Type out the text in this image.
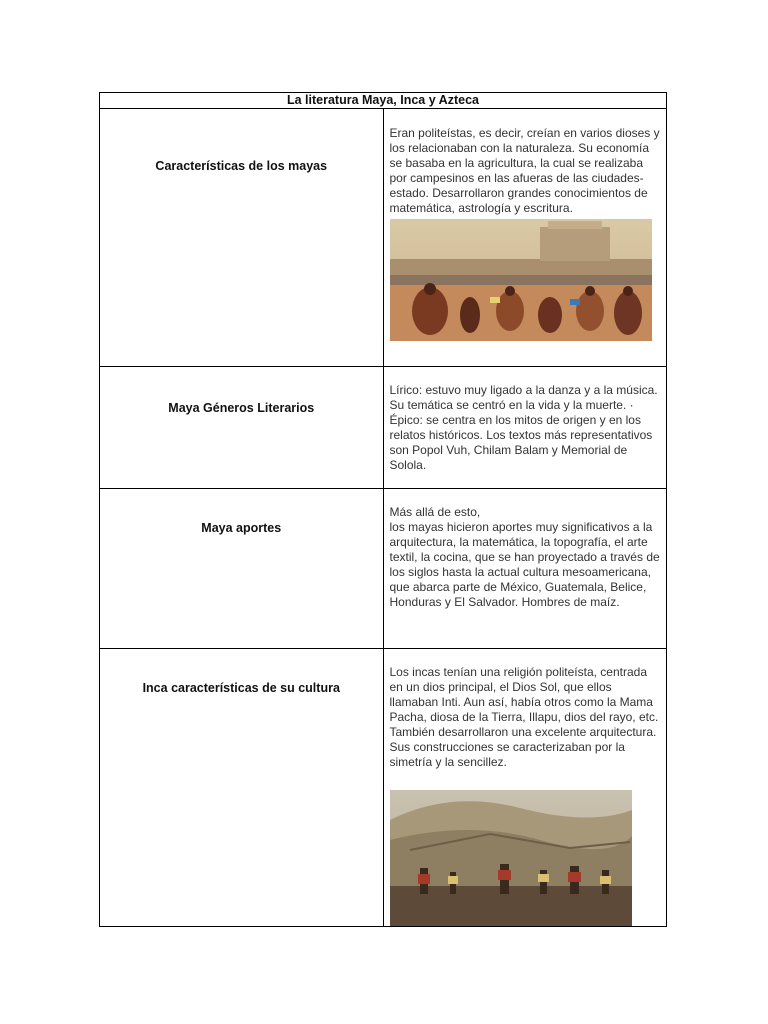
La literatura Maya, Inca y Azteca	

Características de los mayas	Eran politeístas, es decir, creían en varios dioses y los relacionaban con la naturaleza. Su economía se basaba en la agricultura, la cual se realizaba por campesinos en las afueras de las ciudades-estado. Desarrollaron grandes conocimientos de matemática, astrología y escritura.

Maya Géneros Literarios	Lírico: estuvo muy ligado a la danza y a la música. Su temática se centró en la vida y la muerte. · Épico: se centra en los mitos de origen y en los relatos históricos. Los textos más representativos son Popol Vuh, Chilam Balam y Memorial de Solola.

Maya aportes	Más allá de esto,
los mayas hicieron aportes muy significativos a la arquitectura, la matemática, la topografía, el arte textil, la cocina, que se han proyectado a través de los siglos hasta la actual cultura mesoamericana, que abarca parte de México, Guatemala, Belice, Honduras y El Salvador. Hombres de maíz.

Inca características de su cultura	Los incas tenían una religión politeísta, centrada en un dios principal, el Dios Sol, que ellos llamaban Inti. Aun así, había otros como la Mama Pacha, diosa de la Tierra, Illapu, dios del rayo, etc. También desarrollaron una excelente arquitectura. Sus construcciones se caracterizaban por la simetría y la sencillez.
